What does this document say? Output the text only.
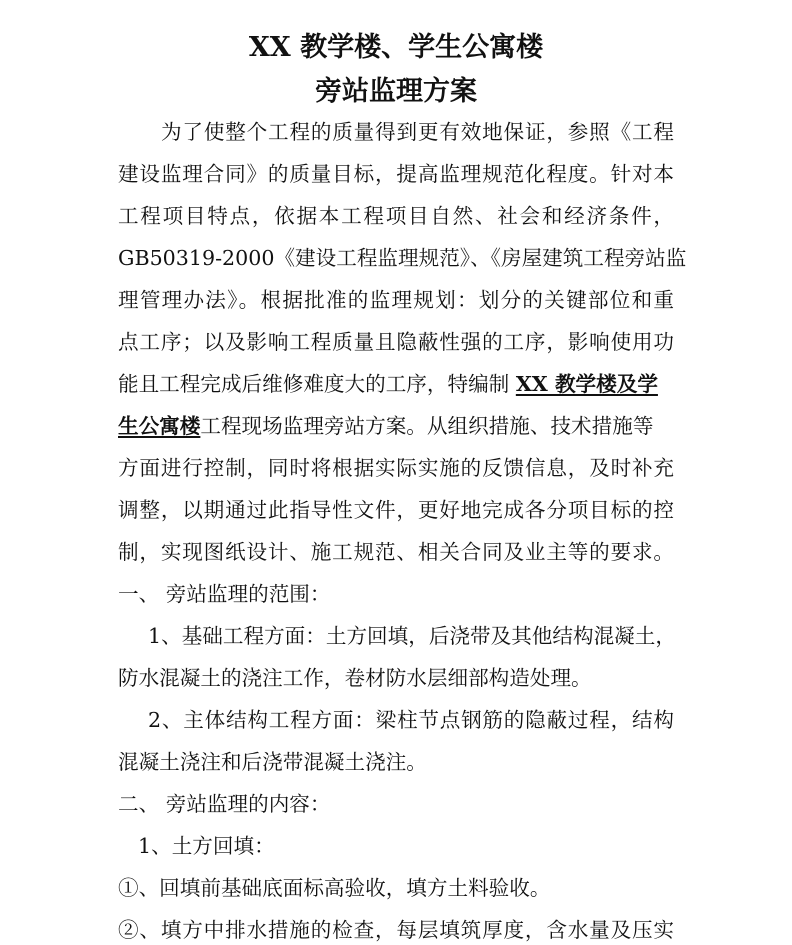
XX 教学楼、学生公寓楼
旁站监理方案
为了使整个工程的质量得到更有效地保证，参照《工程
建设监理合同》的质量目标，提高监理规范化程度。针对本
工程项目特点，依据本工程项目自然、社会和经济条件，
GB50319-2000《建设工程监理规范》、《房屋建筑工程旁站监
理管理办法》。根据批准的监理规划：划分的关键部位和重
点工序；以及影响工程质量且隐蔽性强的工序，影响使用功
能且工程完成后维修难度大的工序，特编制 XX 教学楼及学
生公寓楼工程现场监理旁站方案。从组织措施、技术措施等
方面进行控制，同时将根据实际实施的反馈信息，及时补充
调整，以期通过此指导性文件，更好地完成各分项目标的控
制，实现图纸设计、施工规范、相关合同及业主等的要求。
一、 旁站监理的范围：
1、基础工程方面：土方回填，后浇带及其他结构混凝土，
防水混凝土的浇注工作，卷材防水层细部构造处理。
2、主体结构工程方面：梁柱节点钢筋的隐蔽过程，结构
混凝土浇注和后浇带混凝土浇注。
二、 旁站监理的内容：
1、土方回填：
①、回填前基础底面标高验收，填方土料验收。
②、填方中排水措施的检查，每层填筑厚度，含水量及压实
